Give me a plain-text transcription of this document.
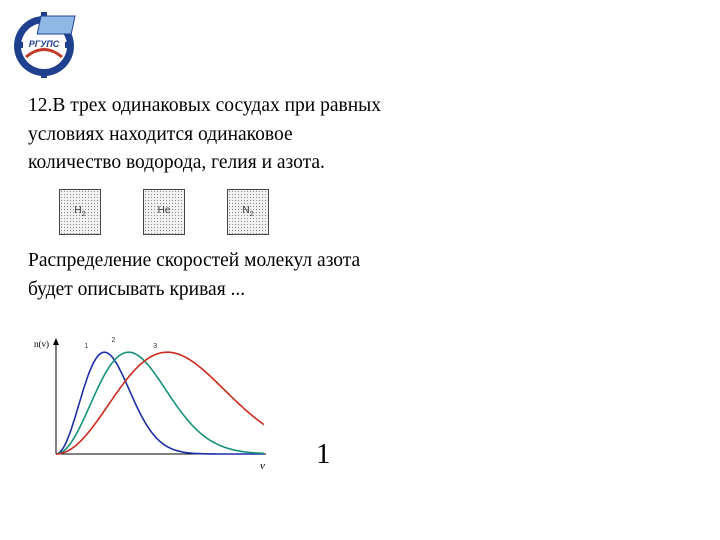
РГУПС
12.В трех одинаковых сосудах при равных
условиях находится одинаковое
количество водорода, гелия и азота.
$H_2$	He	$N_2$
Распределение скоростей молекул азота
будет описывать кривая ...
n(v)
v
1
2
3
1
